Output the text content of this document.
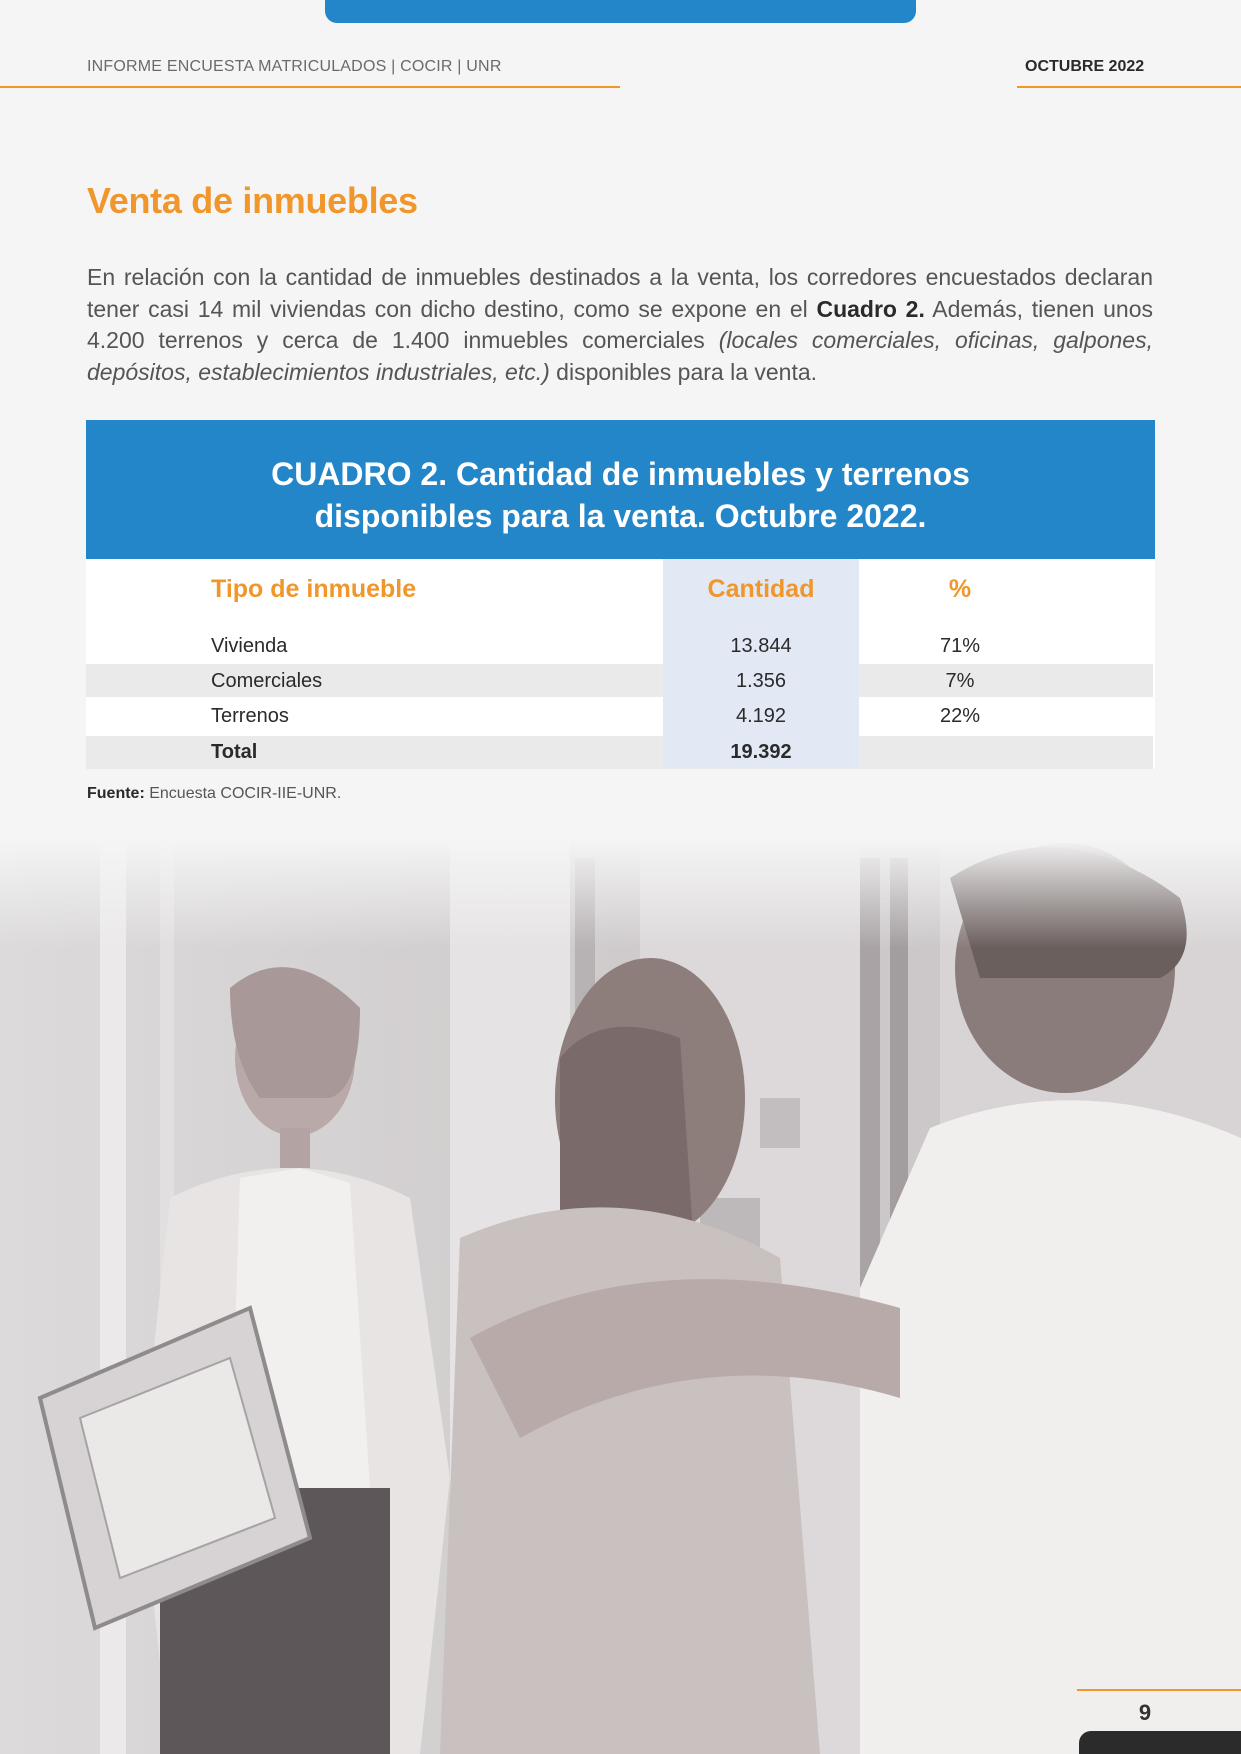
INFORME ENCUESTA MATRICULADOS | COCIR | UNR	OCTUBRE 2022
Venta de inmuebles

En relación con la cantidad de inmuebles destinados a la venta, los corredores encuestados declaran tener casi 14 mil viviendas con dicho destino, como se expone en el Cuadro 2. Además, tienen unos 4.200 terrenos y cerca de 1.400 inmuebles comerciales (locales comerciales, oficinas, galpones, depósitos, establecimientos industriales, etc.) disponibles para la venta.

CUADRO 2. Cantidad de inmuebles y terrenos
disponibles para la venta. Octubre 2022.
Tipo de inmueble	Cantidad	%
Vivienda	13.844	71%
Comerciales	1.356	7%
Terrenos	4.192	22%
Total	19.392
Fuente: Encuesta COCIR-IIE-UNR.
9
